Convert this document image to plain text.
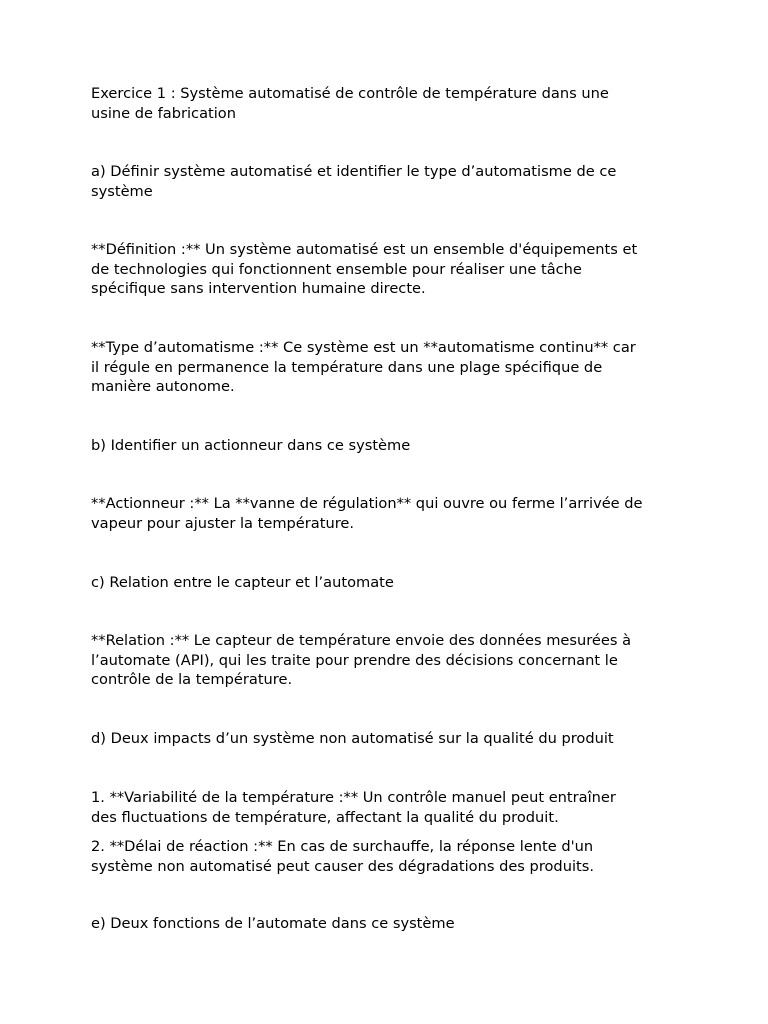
Exercice 1 : Système automatisé de contrôle de température dans une
usine de fabrication

a) Définir système automatisé et identifier le type d’automatisme de ce
système

**Définition :** Un système automatisé est un ensemble d'équipements et
de technologies qui fonctionnent ensemble pour réaliser une tâche
spécifique sans intervention humaine directe.

**Type d’automatisme :** Ce système est un **automatisme continu** car
il régule en permanence la température dans une plage spécifique de
manière autonome.

b) Identifier un actionneur dans ce système

**Actionneur :** La **vanne de régulation** qui ouvre ou ferme l’arrivée de
vapeur pour ajuster la température.

c) Relation entre le capteur et l’automate

**Relation :** Le capteur de température envoie des données mesurées à
l’automate (API), qui les traite pour prendre des décisions concernant le
contrôle de la température.

d) Deux impacts d’un système non automatisé sur la qualité du produit

1. **Variabilité de la température :** Un contrôle manuel peut entraîner
des fluctuations de température, affectant la qualité du produit.

2. **Délai de réaction :** En cas de surchauffe, la réponse lente d'un
système non automatisé peut causer des dégradations des produits.

e) Deux fonctions de l’automate dans ce système
